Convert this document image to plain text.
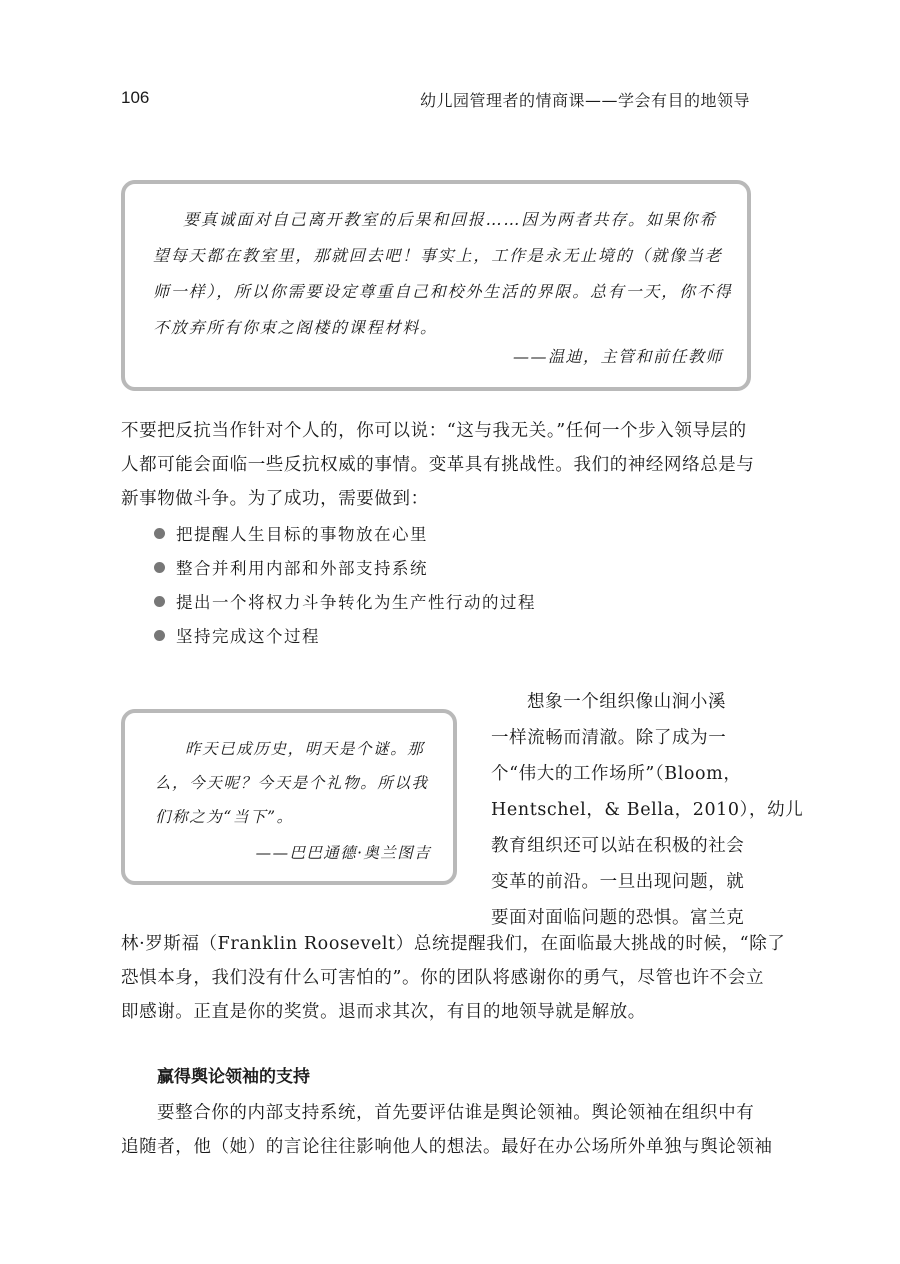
106	幼儿园管理者的情商课——学会有目的地领导
要真诚面对自己离开教室的后果和回报……因为两者共存。如果你希
望每天都在教室里，那就回去吧！事实上，工作是永无止境的（就像当老
师一样），所以你需要设定尊重自己和校外生活的界限。总有一天，你不得
不放弃所有你束之阁楼的课程材料。
——温迪，主管和前任教师
不要把反抗当作针对个人的，你可以说：“这与我无关。”任何一个步入领导层的
人都可能会面临一些反抗权威的事情。变革具有挑战性。我们的神经网络总是与
新事物做斗争。为了成功，需要做到：
把提醒人生目标的事物放在心里
整合并利用内部和外部支持系统
提出一个将权力斗争转化为生产性行动的过程
坚持完成这个过程
昨天已成历史，明天是个谜。那
么，今天呢？今天是个礼物。所以我
们称之为“当下”。
——巴巴通德·奥兰图吉
想象一个组织像山涧小溪
一样流畅而清澈。除了成为一
个“伟大的工作场所”（Bloom，
Hentschel，& Bella，2010），幼儿
教育组织还可以站在积极的社会
变革的前沿。一旦出现问题，就
要面对面临问题的恐惧。富兰克
林·罗斯福（Franklin Roosevelt）总统提醒我们，在面临最大挑战的时候，“除了
恐惧本身，我们没有什么可害怕的”。你的团队将感谢你的勇气，尽管也许不会立
即感谢。正直是你的奖赏。退而求其次，有目的地领导就是解放。
赢得舆论领袖的支持
要整合你的内部支持系统，首先要评估谁是舆论领袖。舆论领袖在组织中有
追随者，他（她）的言论往往影响他人的想法。最好在办公场所外单独与舆论领袖
